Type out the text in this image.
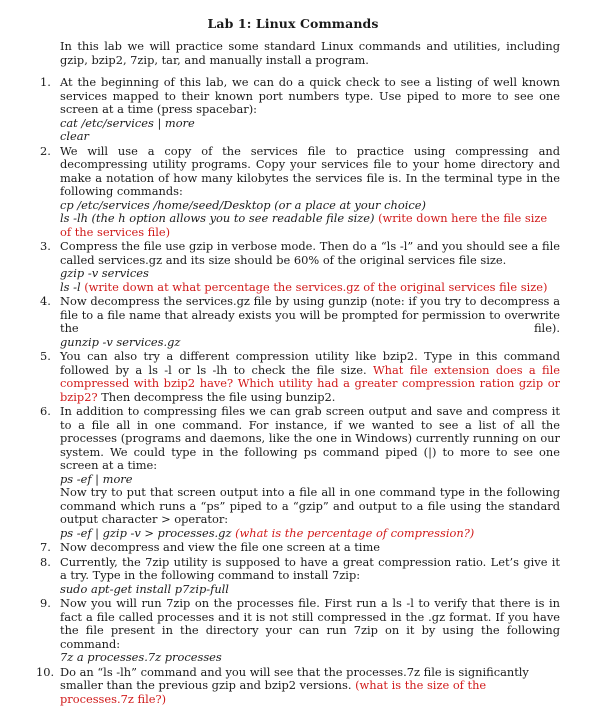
Lab 1: Linux Commands

In this lab we will practice some standard Linux commands and utilities, including gzip, bzip2, 7zip, tar, and manually install a program.

1. At the beginning of this lab, we can do a quick check to see a listing of well known services mapped to their known port numbers type. Use piped to more to see one screen at a time (press spacebar):
cat /etc/services | more
clear
2. We will use a copy of the services file to practice using compressing and decompressing utility programs. Copy your services file to your home directory and make a notation of how many kilobytes the services file is. In the terminal type in the following commands:
cp /etc/services /home/seed/Desktop (or a place at your choice)
ls -lh (the h option allows you to see readable file size) (write down here the file size of the services file)
3. Compress the file use gzip in verbose mode. Then do a “ls -l” and you should see a file called services.gz and its size should be 60% of the original services file size.
gzip -v services
ls -l (write down at what percentage the services.gz of the original services file size)
4. Now decompress the services.gz file by using gunzip (note: if you try to decompress a file to a file name that already exists you will be prompted for permission to overwrite the	file).
gunzip -v services.gz
5. You can also try a different compression utility like bzip2. Type in this command followed by a ls -l or ls -lh to check the file size. What file extension does a file compressed with bzip2 have? Which utility had a greater compression ration gzip or bzip2? Then decompress the file using bunzip2.
6. In addition to compressing files we can grab screen output and save and compress it to a file all in one command. For instance, if we wanted to see a list of all the processes (programs and daemons, like the one in Windows) currently running on our system. We could type in the following ps command piped (|) to more to see one screen at a time:
ps -ef | more
Now try to put that screen output into a file all in one command type in the following command which runs a “ps” piped to a “gzip” and output to a file using the standard output character > operator:
ps -ef | gzip -v > processes.gz (what is the percentage of compression?)
7. Now decompress and view the file one screen at a time
8. Currently, the 7zip utility is supposed to have a great compression ratio. Let’s give it a try. Type in the following command to install 7zip:
sudo apt-get install p7zip-full
9. Now you will run 7zip on the processes file. First run a ls -l to verify that there is in fact a file called processes and it is not still compressed in the .gz format. If you have the file present in the directory your can run 7zip on it by using the following command:
7z a processes.7z processes
10. Do an “ls -lh” command and you will see that the processes.7z file is significantly smaller than the previous gzip and bzip2 versions. (what is the size of the processes.7z file?)
